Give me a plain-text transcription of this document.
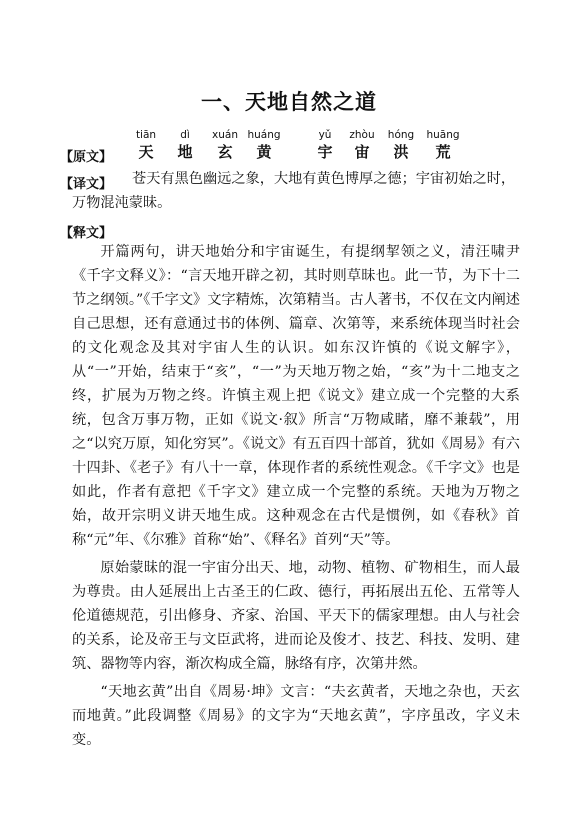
一、天地自然之道
【原文】
tiān	dì	xuán huáng	yǔ	zhòu	hóng	huāng
天 地 玄 黄	宇 宙 洪 荒
【译文】 苍天有黑色幽远之象，大地有黄色博厚之德；宇宙初始之时，

万物混沌蒙昧。

【释文】

开篇两句，讲天地始分和宇宙诞生，有提纲挈领之义，清汪啸尹《千字文释义》：“言天地开辟之初，其时则草昧也。此一节，为下十二节之纲领。”《千字文》文字精炼，次第精当。古人著书，不仅在文内阐述自己思想，还有意通过书的体例、篇章、次第等，来系统体现当时社会的文化观念及其对宇宙人生的认识。如东汉许慎的《说文解字》，从“一”开始，结束于“亥”，“一”为天地万物之始，“亥”为十二地支之终，扩展为万物之终。许慎主观上把《说文》建立成一个完整的大系统，包含万事万物，正如《说文·叙》所言“万物咸睹，靡不兼载”，用之“以究万原，知化穷冥”。《说文》有五百四十部首，犹如《周易》有六十四卦、《老子》有八十一章，体现作者的系统性观念。《千字文》也是如此，作者有意把《千字文》建立成一个完整的系统。天地为万物之始，故开宗明义讲天地生成。这种观念在古代是惯例，如《春秋》首称“元”年、《尔雅》首称“始”、《释名》首列“天”等。

原始蒙昧的混一宇宙分出天、地，动物、植物、矿物相生，而人最为尊贵。由人延展出上古圣王的仁政、德行，再拓展出五伦、五常等人伦道德规范，引出修身、齐家、治国、平天下的儒家理想。由人与社会的关系，论及帝王与文臣武将，进而论及俊才、技艺、科技、发明、建筑、器物等内容，渐次构成全篇，脉络有序，次第井然。

“天地玄黄”出自《周易·坤》文言：“夫玄黄者，天地之杂也，天玄而地黄。”此段调整《周易》的文字为“天地玄黄”，字序虽改，字义未变。
